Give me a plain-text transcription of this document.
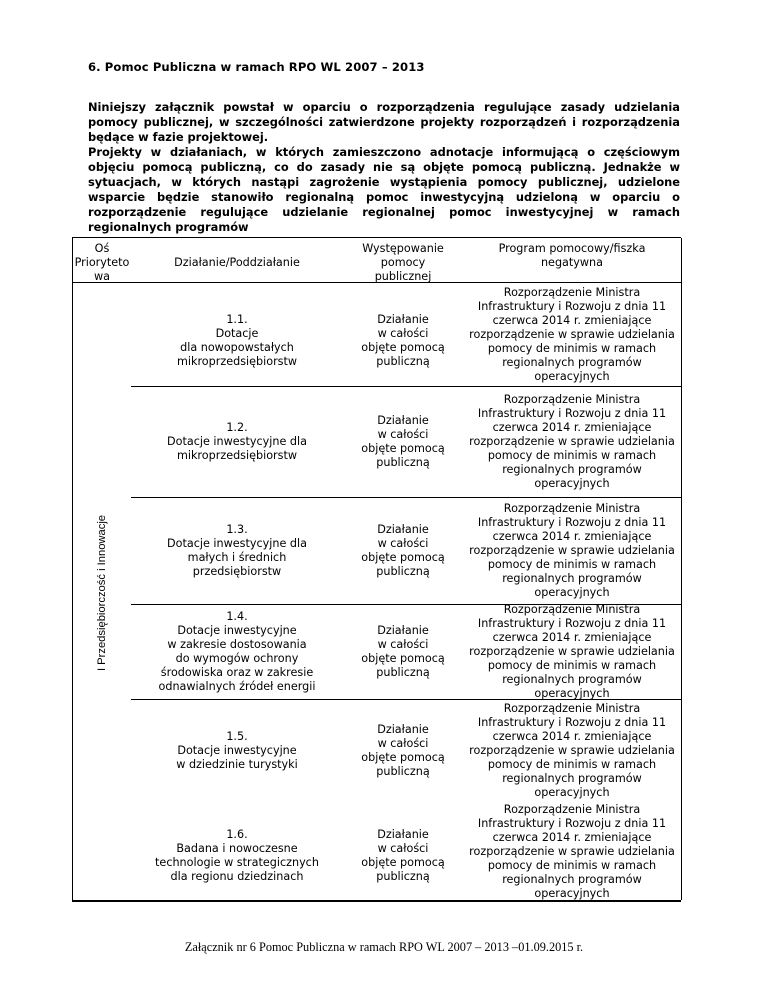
6. Pomoc Publiczna w ramach RPO WL 2007 – 2013

Niniejszy załącznik powstał w oparciu o rozporządzenia regulujące zasady udzielania pomocy publicznej, w szczególności zatwierdzone projekty rozporządzeń i rozporządzenia będące w fazie projektowej.

Projekty w działaniach, w których zamieszczono adnotacje informującą o częściowym objęciu pomocą publiczną, co do zasady nie są objęte pomocą publiczną. Jednakże w sytuacjach, w których nastąpi zagrożenie wystąpienia pomocy publicznej, udzielone wsparcie będzie stanowiło regionalną pomoc inwestycyjną udzieloną w oparciu o rozporządzenie regulujące udzielanie regionalnej pomoc inwestycyjnej w ramach regionalnych programów

Oś
Prioryteto
wa
Działanie/Poddziałanie
Występowanie
pomocy
publicznej
Program pomocowy/fiszka
negatywna
I Przedsiębiorczość i Innowacje
1.1.
Dotacje
dla nowopowstałych
mikroprzedsiębiorstw
Działanie
w całości
objęte pomocą
publiczną
Rozporządzenie Ministra
Infrastruktury i Rozwoju z dnia 11
czerwca 2014 r. zmieniające
rozporządzenie w sprawie udzielania
pomocy de minimis w ramach
regionalnych programów
operacyjnych
1.2.
Dotacje inwestycyjne dla
mikroprzedsiębiorstw
Działanie
w całości
objęte pomocą
publiczną
Rozporządzenie Ministra
Infrastruktury i Rozwoju z dnia 11
czerwca 2014 r. zmieniające
rozporządzenie w sprawie udzielania
pomocy de minimis w ramach
regionalnych programów
operacyjnych
1.3.
Dotacje inwestycyjne dla
małych i średnich
przedsiębiorstw
Działanie
w całości
objęte pomocą
publiczną
Rozporządzenie Ministra
Infrastruktury i Rozwoju z dnia 11
czerwca 2014 r. zmieniające
rozporządzenie w sprawie udzielania
pomocy de minimis w ramach
regionalnych programów
operacyjnych
1.4.
Dotacje inwestycyjne
w zakresie dostosowania
do wymogów ochrony
środowiska oraz w zakresie
odnawialnych źródeł energii
Działanie
w całości
objęte pomocą
publiczną
Rozporządzenie Ministra
Infrastruktury i Rozwoju z dnia 11
czerwca 2014 r. zmieniające
rozporządzenie w sprawie udzielania
pomocy de minimis w ramach
regionalnych programów
operacyjnych
1.5.
Dotacje inwestycyjne
w dziedzinie turystyki
Działanie
w całości
objęte pomocą
publiczną
Rozporządzenie Ministra
Infrastruktury i Rozwoju z dnia 11
czerwca 2014 r. zmieniające
rozporządzenie w sprawie udzielania
pomocy de minimis w ramach
regionalnych programów
operacyjnych
1.6.
Badana i nowoczesne
technologie w strategicznych
dla regionu dziedzinach
Działanie
w całości
objęte pomocą
publiczną
Rozporządzenie Ministra
Infrastruktury i Rozwoju z dnia 11
czerwca 2014 r. zmieniające
rozporządzenie w sprawie udzielania
pomocy de minimis w ramach
regionalnych programów
operacyjnych
Załącznik nr 6 Pomoc Publiczna w ramach RPO WL 2007 – 2013 –01.09.2015 r.
